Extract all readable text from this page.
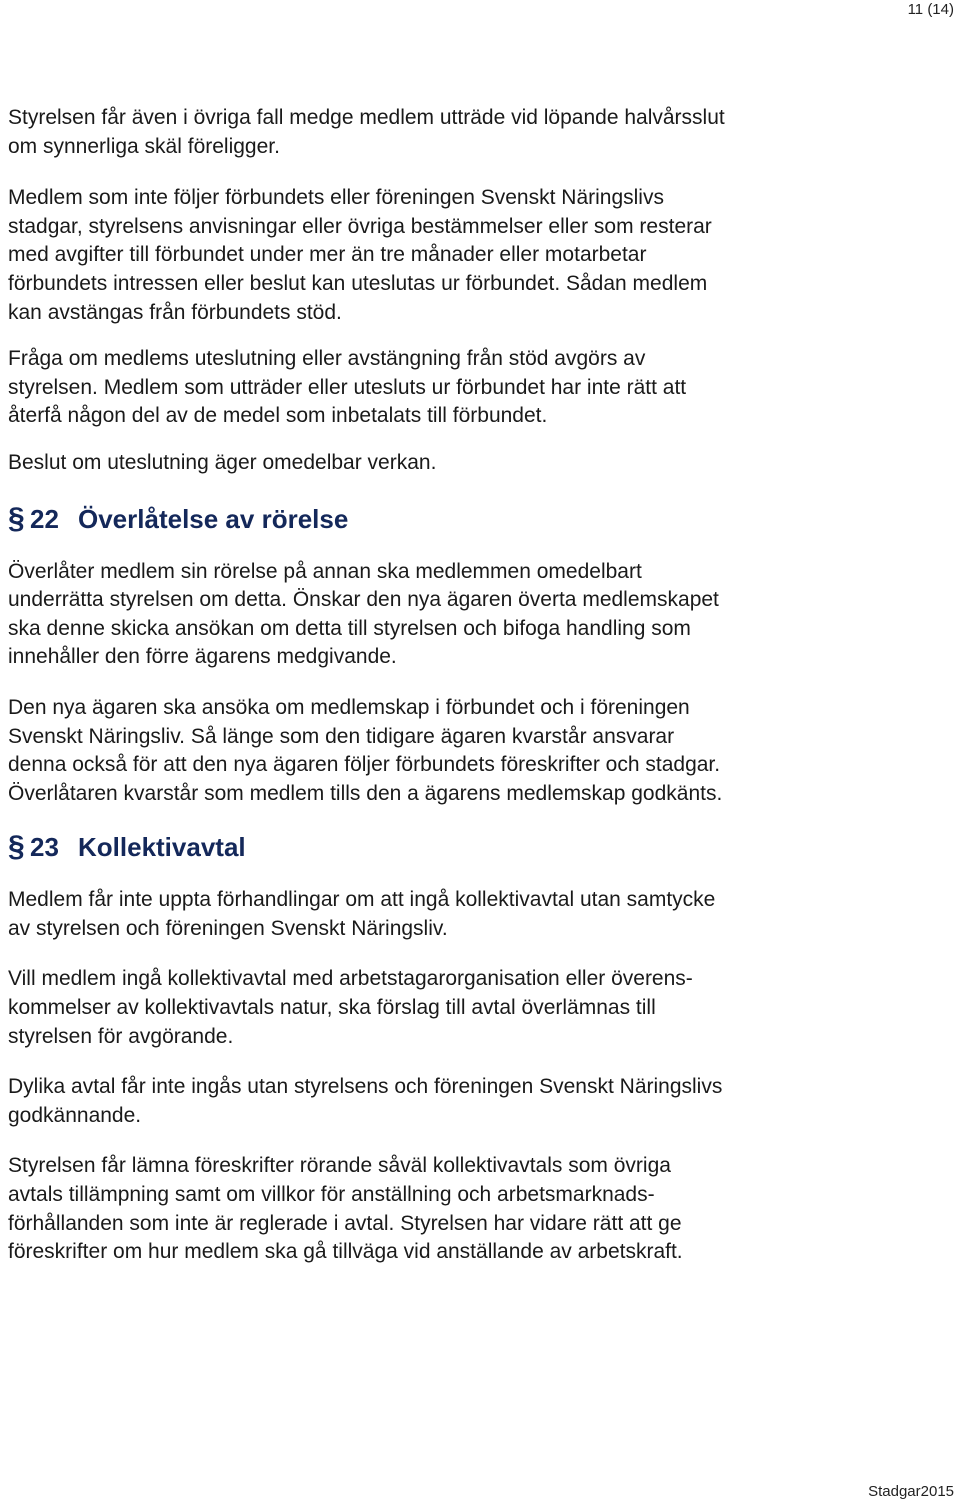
11 (14)

Styrelsen får även i övriga fall medge medlem utträde vid löpande halvårsslut
om synnerliga skäl föreligger.

Medlem som inte följer förbundets eller föreningen Svenskt Näringslivs
stadgar, styrelsens anvisningar eller övriga bestämmelser eller som resterar
med avgifter till förbundet under mer än tre månader eller motarbetar
förbundets intressen eller beslut kan uteslutas ur förbundet. Sådan medlem
kan avstängas från förbundets stöd.

Fråga om medlems uteslutning eller avstängning från stöd avgörs av
styrelsen. Medlem som utträder eller utesluts ur förbundet har inte rätt att
återfå någon del av de medel som inbetalats till förbundet.

Beslut om uteslutning äger omedelbar verkan.

§ 22 Överlåtelse av rörelse

Överlåter medlem sin rörelse på annan ska medlemmen omedelbart
underrätta styrelsen om detta. Önskar den nya ägaren överta medlemskapet
ska denne skicka ansökan om detta till styrelsen och bifoga handling som
innehåller den förre ägarens medgivande.

Den nya ägaren ska ansöka om medlemskap i förbundet och i föreningen
Svenskt Näringsliv. Så länge som den tidigare ägaren kvarstår ansvarar
denna också för att den nya ägaren följer förbundets föreskrifter och stadgar.
Överlåtaren kvarstår som medlem tills den a ägarens medlemskap godkänts.

§ 23 Kollektivavtal

Medlem får inte uppta förhandlingar om att ingå kollektivavtal utan samtycke
av styrelsen och föreningen Svenskt Näringsliv.

Vill medlem ingå kollektivavtal med arbetstagarorganisation eller överens-
kommelser av kollektivavtals natur, ska förslag till avtal överlämnas till
styrelsen för avgörande.

Dylika avtal får inte ingås utan styrelsens och föreningen Svenskt Näringslivs
godkännande.

Styrelsen får lämna föreskrifter rörande såväl kollektivavtals som övriga
avtals tillämpning samt om villkor för anställning och arbetsmarknads-
förhållanden som inte är reglerade i avtal. Styrelsen har vidare rätt att ge
föreskrifter om hur medlem ska gå tillväga vid anställande av arbetskraft.

Stadgar2015
